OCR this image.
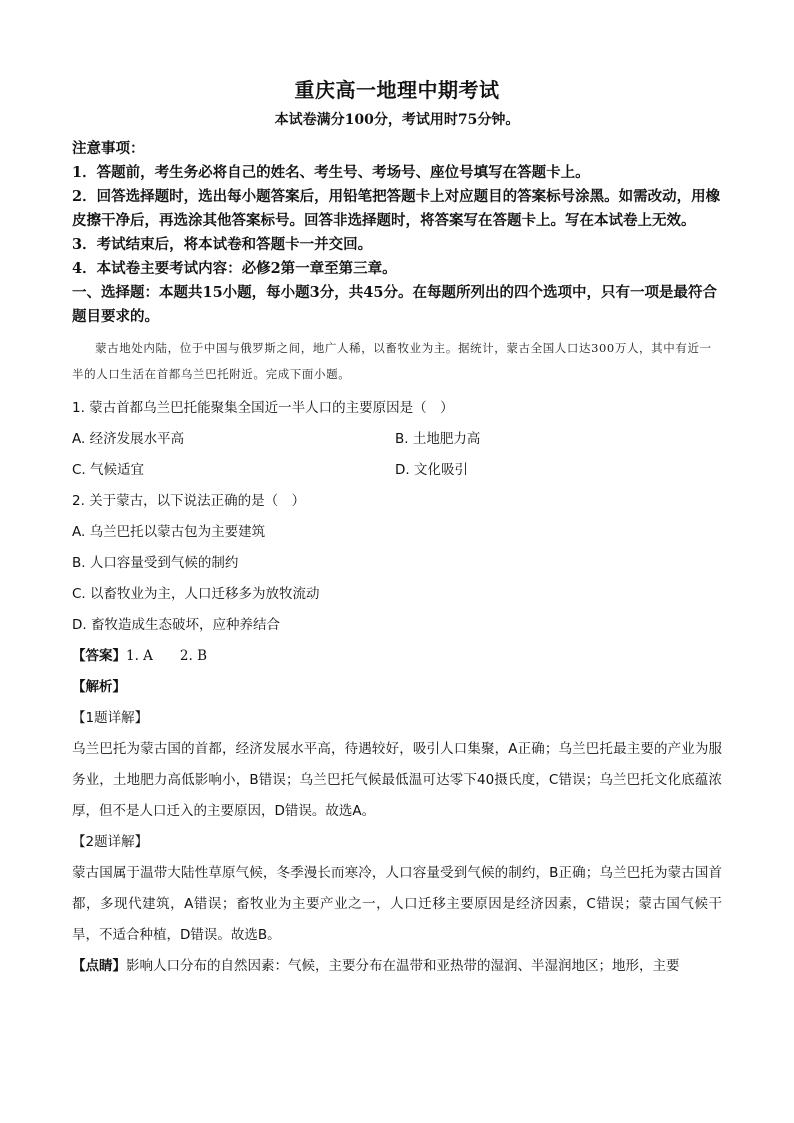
重庆高一地理中期考试
本试卷满分100分，考试用时75分钟。

注意事项：

1．答题前，考生务必将自己的姓名、考生号、考场号、座位号填写在答题卡上。

2．回答选择题时，选出每小题答案后，用铅笔把答题卡上对应题目的答案标号涂黑。如需改动，用橡皮擦干净后，再选涂其他答案标号。回答非选择题时，将答案写在答题卡上。写在本试卷上无效。

3．考试结束后，将本试卷和答题卡一并交回。

4．本试卷主要考试内容：必修2第一章至第三章。

一、选择题：本题共15小题，每小题3分，共45分。在每题所列出的四个选项中，只有一项是最符合题目要求的。

蒙古地处内陆，位于中国与俄罗斯之间，地广人稀，以畜牧业为主。据统计，蒙古全国人口达300万人，其中有近一半的人口生活在首都乌兰巴托附近。完成下面小题。

1. 蒙古首都乌兰巴托能聚集全国近一半人口的主要原因是（　）

A. 经济发展水平高	B. 土地肥力高
C. 气候适宜	D. 文化吸引

2. 关于蒙古，以下说法正确的是（　）

A. 乌兰巴托以蒙古包为主要建筑

B. 人口容量受到气候的制约

C. 以畜牧业为主，人口迁移多为放牧流动

D. 畜牧造成生态破坏，应种养结合

【答案】1. A　　2. B

【解析】

【1题详解】

乌兰巴托为蒙古国的首都，经济发展水平高，待遇较好，吸引人口集聚，A正确；乌兰巴托最主要的产业为服务业，土地肥力高低影响小，B错误；乌兰巴托气候最低温可达零下40摄氏度，C错误；乌兰巴托文化底蕴浓厚，但不是人口迁入的主要原因，D错误。故选A。

【2题详解】

蒙古国属于温带大陆性草原气候，冬季漫长而寒冷，人口容量受到气候的制约，B正确；乌兰巴托为蒙古国首都，多现代建筑，A错误；畜牧业为主要产业之一，人口迁移主要原因是经济因素，C错误；蒙古国气候干旱，不适合种植，D错误。故选B。

【点睛】影响人口分布的自然因素：气候，主要分布在温带和亚热带的湿润、半湿润地区；地形，主要
